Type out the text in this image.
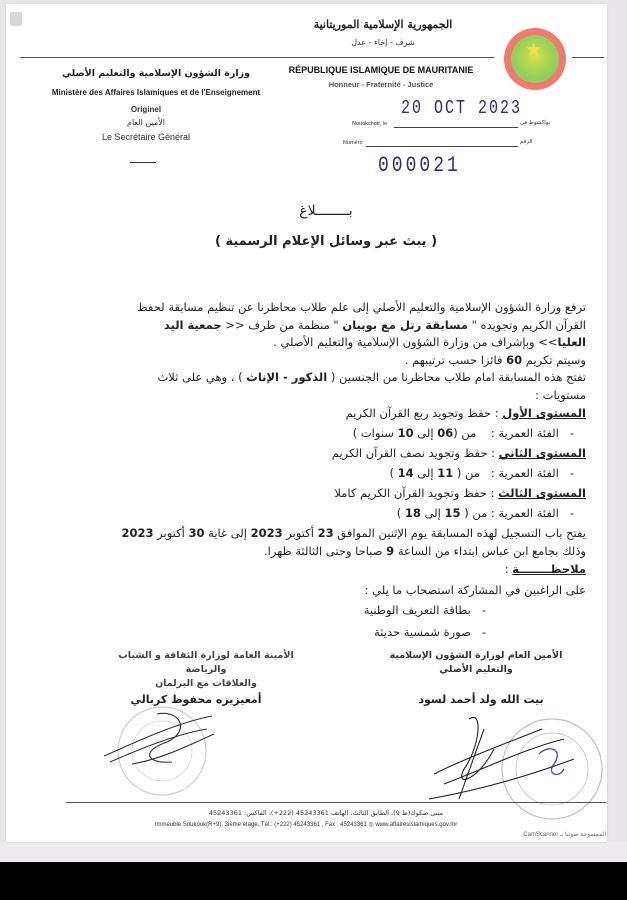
وزارة الشؤون الإسلامية والتعليم الأصلي
Ministère des Affaires Islamiques et de l'Enseignement
Originel
الأمين العام
Le Secrétaire Général
الجمهورية الإسلامية الموريتانية
شرف - إخاء - عدل
RÉPUBLIQUE ISLAMIQUE DE MAURITANIE
Honneur - Fraternité - Justice
★
20 OCT 2023
Nouakchott, le	نواكشوط في
Numéro	الرقم
000021
بــــــــلاغ
( يبث عبر وسائل الإعلام الرسمية )

ترفع وزارة الشؤون الإسلامية والتعليم الأصلي إلى علم طلاب محاظرنا عن تنظيم مسابقة لحفظ القرآن الكريم وتجويده " مسابقة رتل مع بوبيان " منظمة من طرف << جمعية اليد العليا>> وبإشراف من وزارة الشؤون الإسلامية والتعليم الأصلي .

وسيتم تكريم 60 فائزا حسب ترتيبهم .

تفتح هذه المسابقة امام طلاب محاظرنا من الجنسين ( الذكور - الإناث ) ، وهي على ثلاث مستويات :

المستوى الأول : حفظ وتجويد ربع القرآن الكريم

-   الفئة العمرية :    من (06 إلى 10 سنوات )

المستوى الثاني : حفظ وتجويد نصف القرآن الكريم

-   الفئة العمرية :   من ( 11 إلى 14 )

المستوى الثالث : حفظ وتجويد القرآن الكريم كاملا

-   الفئة العمرية : من ( 15 إلى 18 )

يفتح باب التسجيل لهذه المسابقة يوم الإثنين الموافق 23 أكتوبر 2023 إلى غاية 30 أكتوبر 2023

وذلك بجامع ابن عباس ابتداء من الساعة 9 صباحا وحتى الثالثة ظهرا.

ملاحظــــــــة :

على الراغبين في المشاركة استصحاب ما يلي :

-   بطاقة التعريف الوطنية

-   صورة شمسية حديثة

الأمين العام لوزارة الشؤون الإسلامية
والتعليم الأصلي
بيت الله ولد أحمد لسود
الأمينة العامة لوزارة الثقافة و الشباب والرياضة
والعلاقات مع البرلمان
أمعيزيزه محفوظ كربالي
مبنى صكوك(ط 9)، الطابق الثالث، الهاتف 45243361 (222+)، الفاكس: 45243361
Immeuble Soukouk(R+9), 3ième étage, Tél.: (+222) 45243361 , Fax : 45243361 ◎ www.affairesislamiques.gov.mr
الممسوحة ضوئيا بـ CamScanner
